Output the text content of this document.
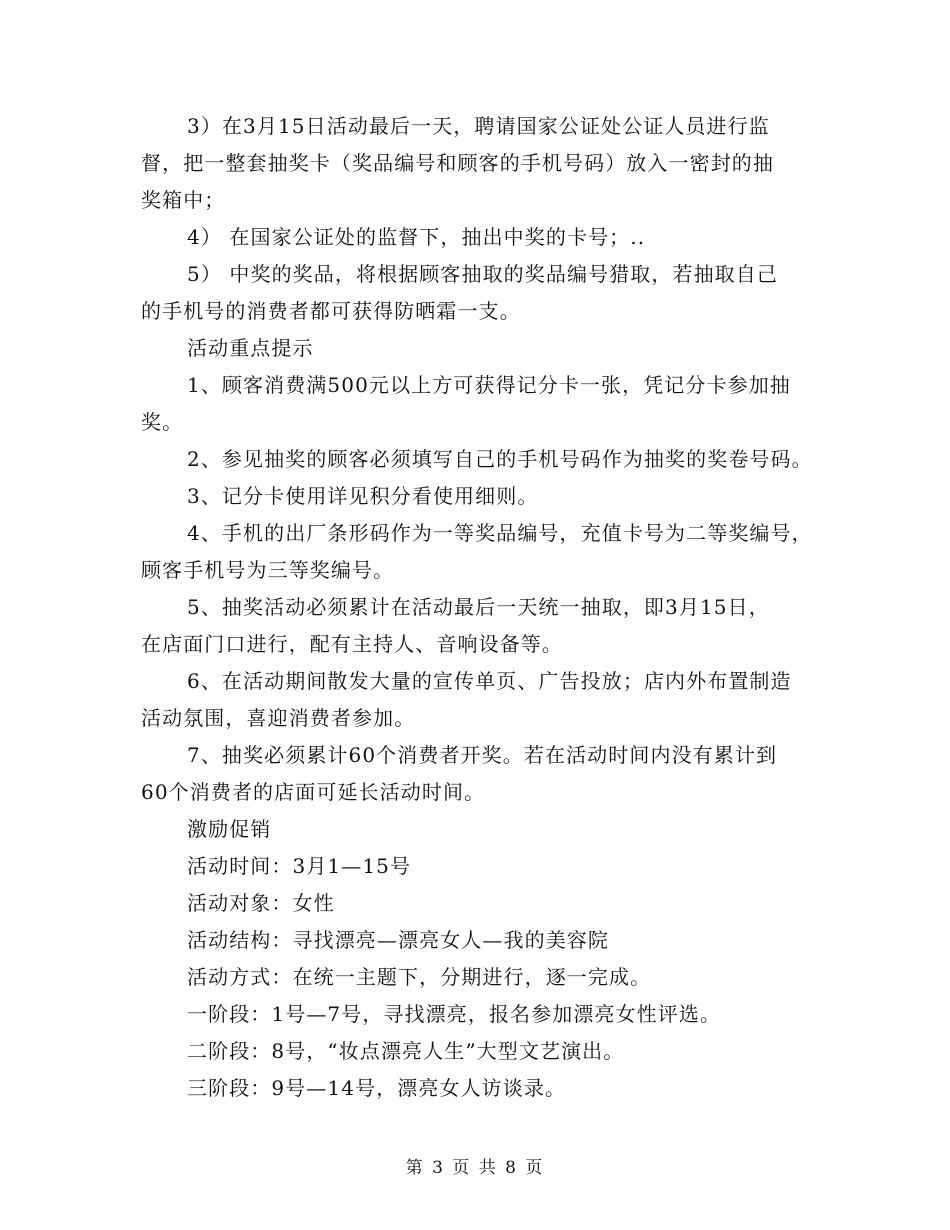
3）在3月15日活动最后一天，聘请国家公证处公证人员进行监
督，把一整套抽奖卡（奖品编号和顾客的手机号码）放入一密封的抽
奖箱中；
4） 在国家公证处的监督下，抽出中奖的卡号；..
5） 中奖的奖品，将根据顾客抽取的奖品编号猎取，若抽取自己
的手机号的消费者都可获得防晒霜一支。
活动重点提示
1、顾客消费满500元以上方可获得记分卡一张，凭记分卡参加抽
奖。
2、参见抽奖的顾客必须填写自己的手机号码作为抽奖的奖卷号码。
3、记分卡使用详见积分看使用细则。
4、手机的出厂条形码作为一等奖品编号，充值卡号为二等奖编号，
顾客手机号为三等奖编号。
5、抽奖活动必须累计在活动最后一天统一抽取，即3月15日，
在店面门口进行，配有主持人、音响设备等。
6、在活动期间散发大量的宣传单页、广告投放；店内外布置制造
活动氛围，喜迎消费者参加。
7、抽奖必须累计60个消费者开奖。若在活动时间内没有累计到
60个消费者的店面可延长活动时间。
激励促销
活动时间：3月1—15号
活动对象：女性
活动结构：寻找漂亮—漂亮女人—我的美容院
活动方式：在统一主题下，分期进行，逐一完成。
一阶段：1号—7号，寻找漂亮，报名参加漂亮女性评选。
二阶段：8号，“妆点漂亮人生”大型文艺演出。
三阶段：9号—14号，漂亮女人访谈录。
第 3 页 共 8 页
